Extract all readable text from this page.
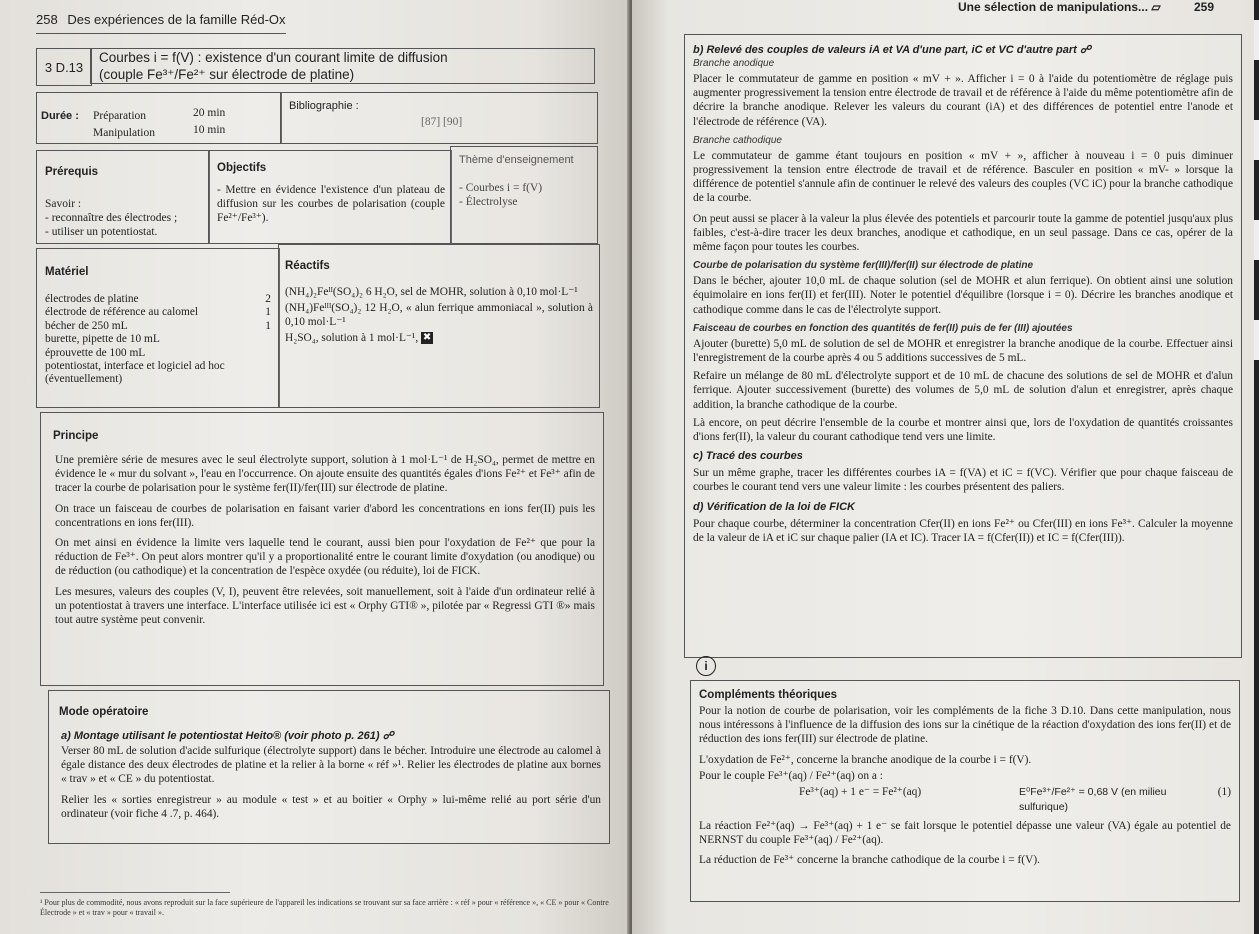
258 Des expériences de la famille Réd-Ox
3 D.13
Courbes i = f(V) : existence d'un courant limite de diffusion
(couple Fe³⁺/Fe²⁺ sur électrode de platine)
Durée : Préparation	20 min
Manipulation	10 min
Bibliographie :
[87] [90]
Prérequis
Savoir :
- reconnaître des électrodes ;
- utiliser un potentiostat.
Objectifs
- Mettre en évidence l'existence d'un plateau de diffusion sur les courbes de polarisation (couple Fe²⁺/Fe³⁺).
Thème d'enseignement
- Courbes i = f(V)
- Électrolyse
Matériel
électrodes de platine	2
électrode de référence au calomel	1
bécher de 250 mL	1
burette, pipette de 10 mL
éprouvette de 100 mL
potentiostat, interface et logiciel ad hoc (éventuellement)
Réactifs
(NH₄)₂Feᴵᴵ(SO₄)₂ 6 H₂O, sel de MOHR, solution à 0,10 mol·L⁻¹
(NH₄)Feᴵᴵᴵ(SO₄)₂ 12 H₂O, « alun ferrique ammoniacal », solution à 0,10 mol·L⁻¹
H₂SO₄, solution à 1 mol·L⁻¹, ✖
Principe

Une première série de mesures avec le seul électrolyte support, solution à 1 mol·L⁻¹ de H₂SO₄, permet de mettre en évidence le « mur du solvant », l'eau en l'occurrence. On ajoute ensuite des quantités égales d'ions Fe²⁺ et Fe³⁺ afin de tracer la courbe de polarisation pour le système fer(II)/fer(III) sur électrode de platine.

On trace un faisceau de courbes de polarisation en faisant varier d'abord les concentrations en ions fer(II) puis les concentrations en ions fer(III).

On met ainsi en évidence la limite vers laquelle tend le courant, aussi bien pour l'oxydation de Fe²⁺ que pour la réduction de Fe³⁺. On peut alors montrer qu'il y a proportionalité entre le courant limite d'oxydation (ou anodique) ou de réduction (ou cathodique) et la concentration de l'espèce oxydée (ou réduite), loi de FICK.

Les mesures, valeurs des couples (V, I), peuvent être relevées, soit manuellement, soit à l'aide d'un ordinateur relié à un potentiostat à travers une interface. L'interface utilisée ici est « Orphy GTI® », pilotée par « Regressi GTI ®» mais tout autre système peut convenir.

Mode opératoire
a) Montage utilisant le potentiostat Heito® (voir photo p. 261) ☍

Verser 80 mL de solution d'acide sulfurique (électrolyte support) dans le bécher. Introduire une électrode au calomel à égale distance des deux électrodes de platine et la relier à la borne « réf »¹. Relier les électrodes de platine aux bornes « trav » et « CE » du potentiostat.

Relier les « sorties enregistreur » au module « test » et au boitier « Orphy » lui-même relié au port série d'un ordinateur (voir fiche 4 .7, p. 464).

¹ Pour plus de commodité, nous avons reproduit sur la face supérieure de l'appareil les indications se trouvant sur sa face arrière : « réf » pour « référence », « CE » pour « Contre Électrode » et « trav » pour « travail ».
Une sélection de manipulations... ▱	259
b) Relevé des couples de valeurs iA et VA d'une part, iC et VC d'autre part ☍
Branche anodique

Placer le commutateur de gamme en position « mV + ». Afficher i = 0 à l'aide du potentiomètre de réglage puis augmenter progressivement la tension entre électrode de travail et de référence à l'aide du même potentiomètre afin de décrire la branche anodique. Relever les valeurs du courant (iA) et des différences de potentiel entre l'anode et l'électrode de référence (VA).

Branche cathodique

Le commutateur de gamme étant toujours en position « mV + », afficher à nouveau i = 0 puis diminuer progressivement la tension entre électrode de travail et de référence. Basculer en position « mV- » lorsque la différence de potentiel s'annule afin de continuer le relevé des valeurs des couples (VC iC) pour la branche cathodique de la courbe.

On peut aussi se placer à la valeur la plus élevée des potentiels et parcourir toute la gamme de potentiel jusqu'aux plus faibles, c'est-à-dire tracer les deux branches, anodique et cathodique, en un seul passage. Dans ce cas, opérer de la même façon pour toutes les courbes.

Courbe de polarisation du système fer(III)/fer(II) sur électrode de platine

Dans le bécher, ajouter 10,0 mL de chaque solution (sel de MOHR et alun ferrique). On obtient ainsi une solution équimolaire en ions fer(II) et fer(III). Noter le potentiel d'équilibre (lorsque i = 0). Décrire les branches anodique et cathodique comme dans le cas de l'électrolyte support.

Faisceau de courbes en fonction des quantités de fer(II) puis de fer (III) ajoutées

Ajouter (burette) 5,0 mL de solution de sel de MOHR et enregistrer la branche anodique de la courbe. Effectuer ainsi l'enregistrement de la courbe après 4 ou 5 additions successives de 5 mL.

Refaire un mélange de 80 mL d'électrolyte support et de 10 mL de chacune des solutions de sel de MOHR et d'alun ferrique. Ajouter successivement (burette) des volumes de 5,0 mL de solution d'alun et enregistrer, après chaque addition, la branche cathodique de la courbe.

Là encore, on peut décrire l'ensemble de la courbe et montrer ainsi que, lors de l'oxydation de quantités croissantes d'ions fer(II), la valeur du courant cathodique tend vers une limite.

c) Tracé des courbes

Sur un même graphe, tracer les différentes courbes iA = f(VA) et iC = f(VC). Vérifier que pour chaque faisceau de courbes le courant tend vers une valeur limite : les courbes présentent des paliers.

d) Vérification de la loi de FICK

Pour chaque courbe, déterminer la concentration Cfer(II) en ions Fe²⁺ ou Cfer(III) en ions Fe³⁺. Calculer la moyenne de la valeur de iA et iC sur chaque palier (IA et IC). Tracer IA = f(Cfer(II)) et IC = f(Cfer(III)).

i
Compléments théoriques

Pour la notion de courbe de polarisation, voir les compléments de la fiche 3 D.10. Dans cette manipulation, nous nous intéressons à l'influence de la diffusion des ions sur la cinétique de la réaction d'oxydation des ions fer(II) et de réduction des ions fer(III) sur électrode de platine.

L'oxydation de Fe²⁺, concerne la branche anodique de la courbe i = f(V).

Pour le couple Fe³⁺(aq) / Fe²⁺(aq) on a :

Fe³⁺(aq) + 1 e⁻ = Fe²⁺(aq)	E⁰Fe³⁺/Fe²⁺ = 0,68 V (en milieu sulfurique)
(1)

La réaction Fe²⁺(aq) → Fe³⁺(aq) + 1 e⁻ se fait lorsque le potentiel dépasse une valeur (VA) égale au potentiel de NERNST du couple Fe³⁺(aq) / Fe²⁺(aq).

La réduction de Fe³⁺ concerne la branche cathodique de la courbe i = f(V).
